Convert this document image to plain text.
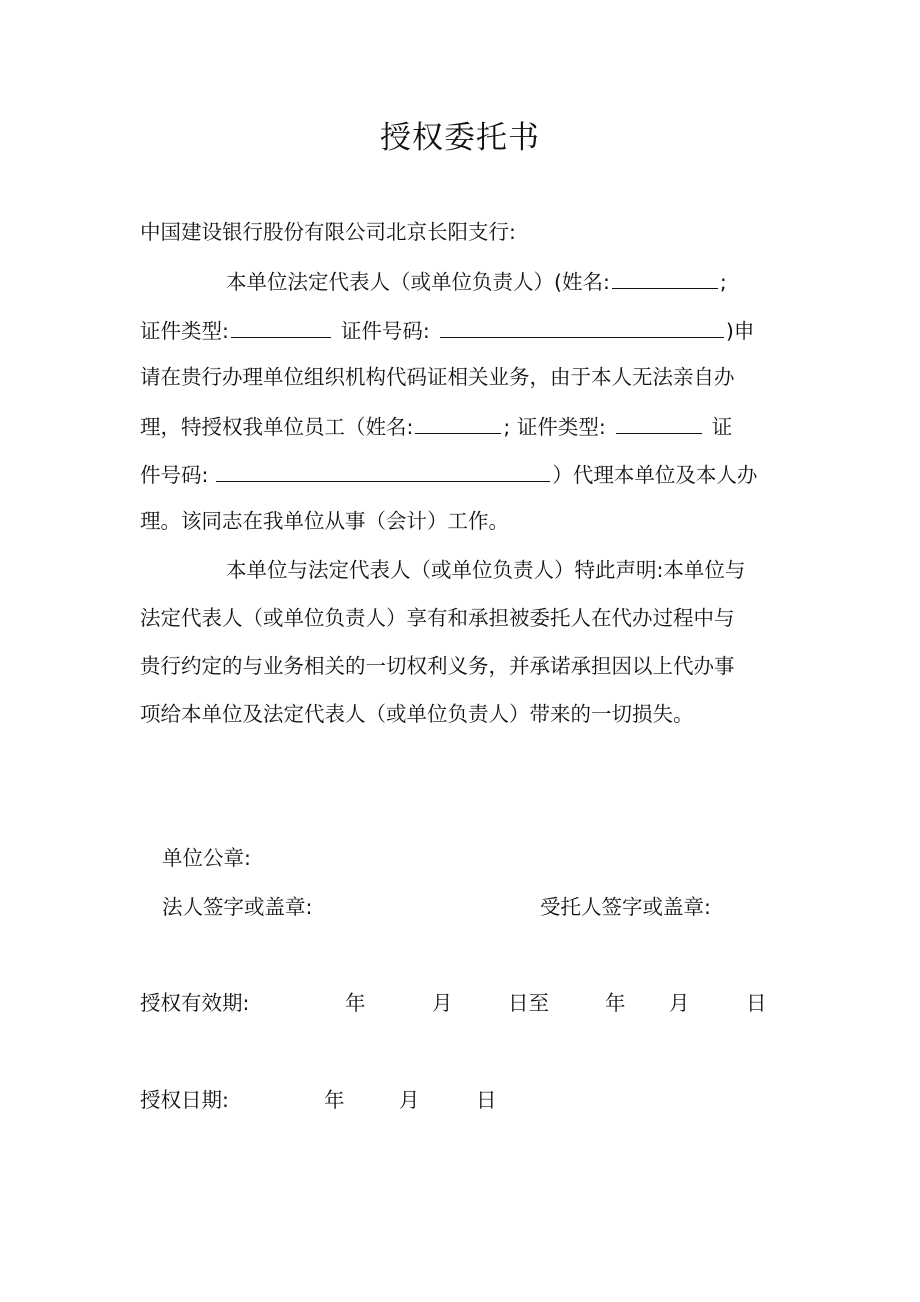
授权委托书
中国建设银行股份有限公司北京长阳支行:
本单位法定代表人（或单位负责人）(姓名:	;
证件类型:	证件号码:	)申
请在贵行办理单位组织机构代码证相关业务，由于本人无法亲自办
理，特授权我单位员工（姓名:	; 证件类型:	证
件号码:	）代理本单位及本人办
理。该同志在我单位从事（会计）工作。
本单位与法定代表人（或单位负责人）特此声明:本单位与
法定代表人（或单位负责人）享有和承担被委托人在代办过程中与
贵行约定的与业务相关的一切权利义务，并承诺承担因以上代办事
项给本单位及法定代表人（或单位负责人）带来的一切损失。
单位公章:
法人签字或盖章:	受托人签字或盖章:
授权有效期:	年	月	日至	年 月	日
授权日期:	年	月	日
